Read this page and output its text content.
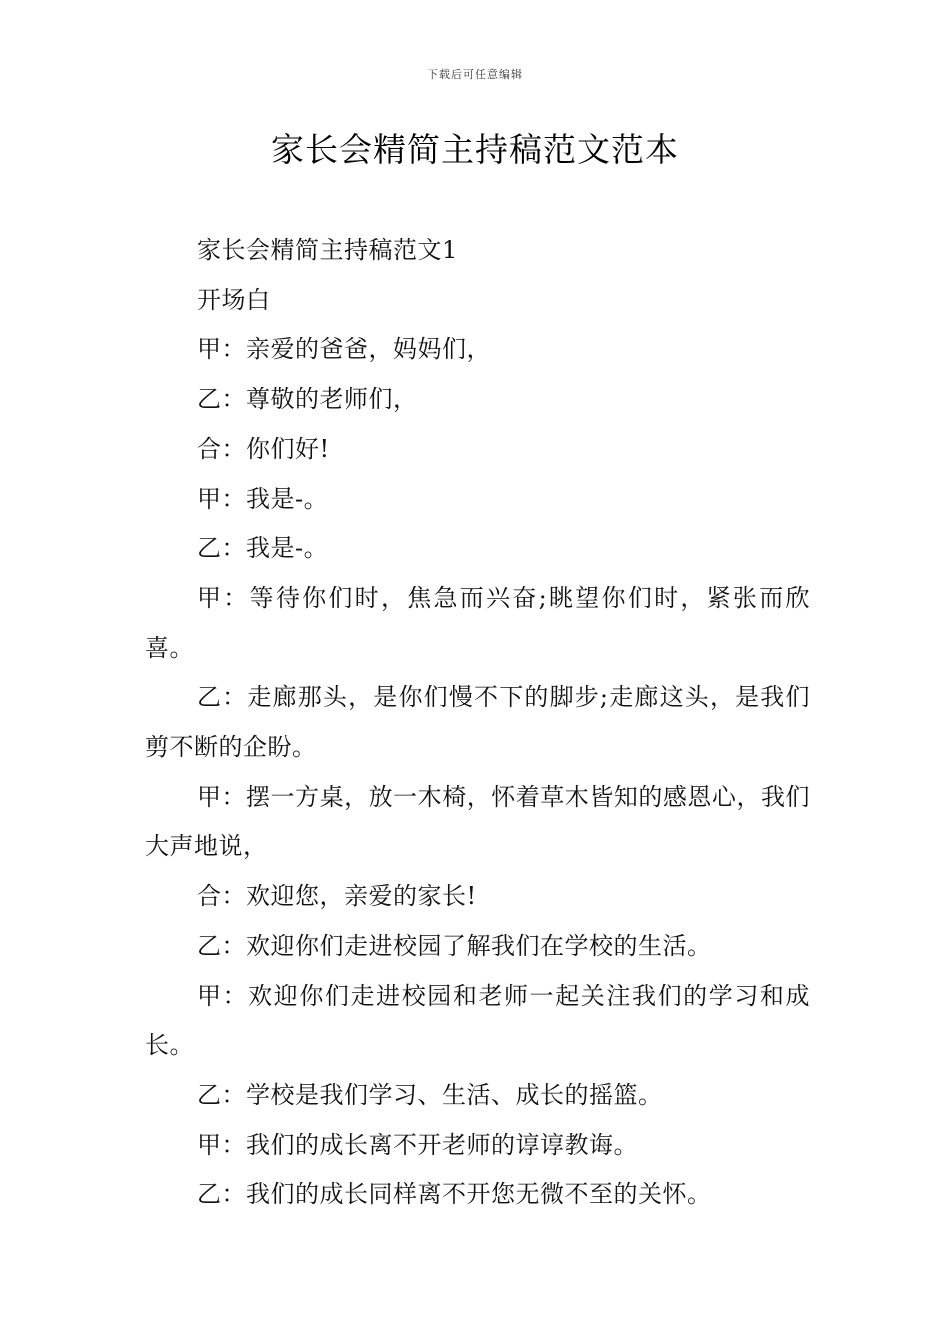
下载后可任意编辑
家长会精简主持稿范文范本

家长会精简主持稿范文1

开场白

甲：亲爱的爸爸，妈妈们，

乙：尊敬的老师们，

合：你们好!

甲：我是-。

乙：我是-。

甲：等待你们时，焦急而兴奋;眺望你们时，紧张而欣喜。

乙：走廊那头，是你们慢不下的脚步;走廊这头，是我们剪不断的企盼。

甲：摆一方桌，放一木椅，怀着草木皆知的感恩心，我们大声地说，

合：欢迎您，亲爱的家长!

乙：欢迎你们走进校园了解我们在学校的生活。

甲：欢迎你们走进校园和老师一起关注我们的学习和成长。

乙：学校是我们学习、生活、成长的摇篮。

甲：我们的成长离不开老师的谆谆教诲。

乙：我们的成长同样离不开您无微不至的关怀。
